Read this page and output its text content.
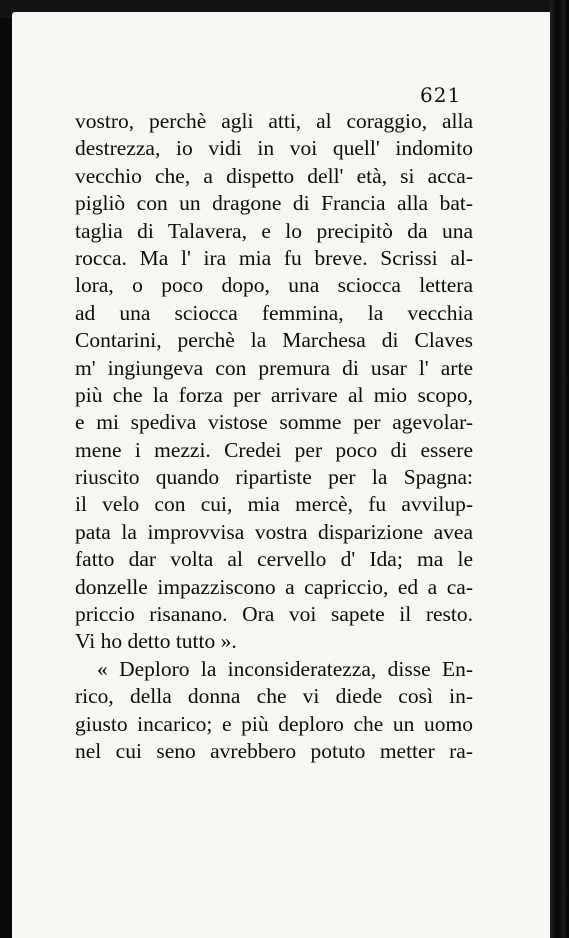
621
vostro, perchè agli atti, al coraggio, alla
destrezza, io vidi in voi quell' indomito
vecchio che, a dispetto dell' età, si acca-
pigliò con un dragone di Francia alla bat-
taglia di Talavera, e lo precipitò da una
rocca. Ma l' ira mia fu breve. Scrissi al-
lora, o poco dopo, una sciocca lettera
ad una sciocca femmina, la vecchia
Contarini, perchè la Marchesa di Claves
m' ingiungeva con premura di usar l' arte
più che la forza per arrivare al mio scopo,
e mi spediva vistose somme per agevolar-
mene i mezzi. Credei per poco di essere
riuscito quando ripartiste per la Spagna:
il velo con cui, mia mercè, fu avvilup-
pata la improvvisa vostra disparizione avea
fatto dar volta al cervello d' Ida; ma le
donzelle impazziscono a capriccio, ed a ca-
priccio risanano. Ora voi sapete il resto.
Vi ho detto tutto ».
« Deploro la inconsideratezza, disse En-
rico, della donna che vi diede così in-
giusto incarico; e più deploro che un uomo
nel cui seno avrebbero potuto metter ra-
